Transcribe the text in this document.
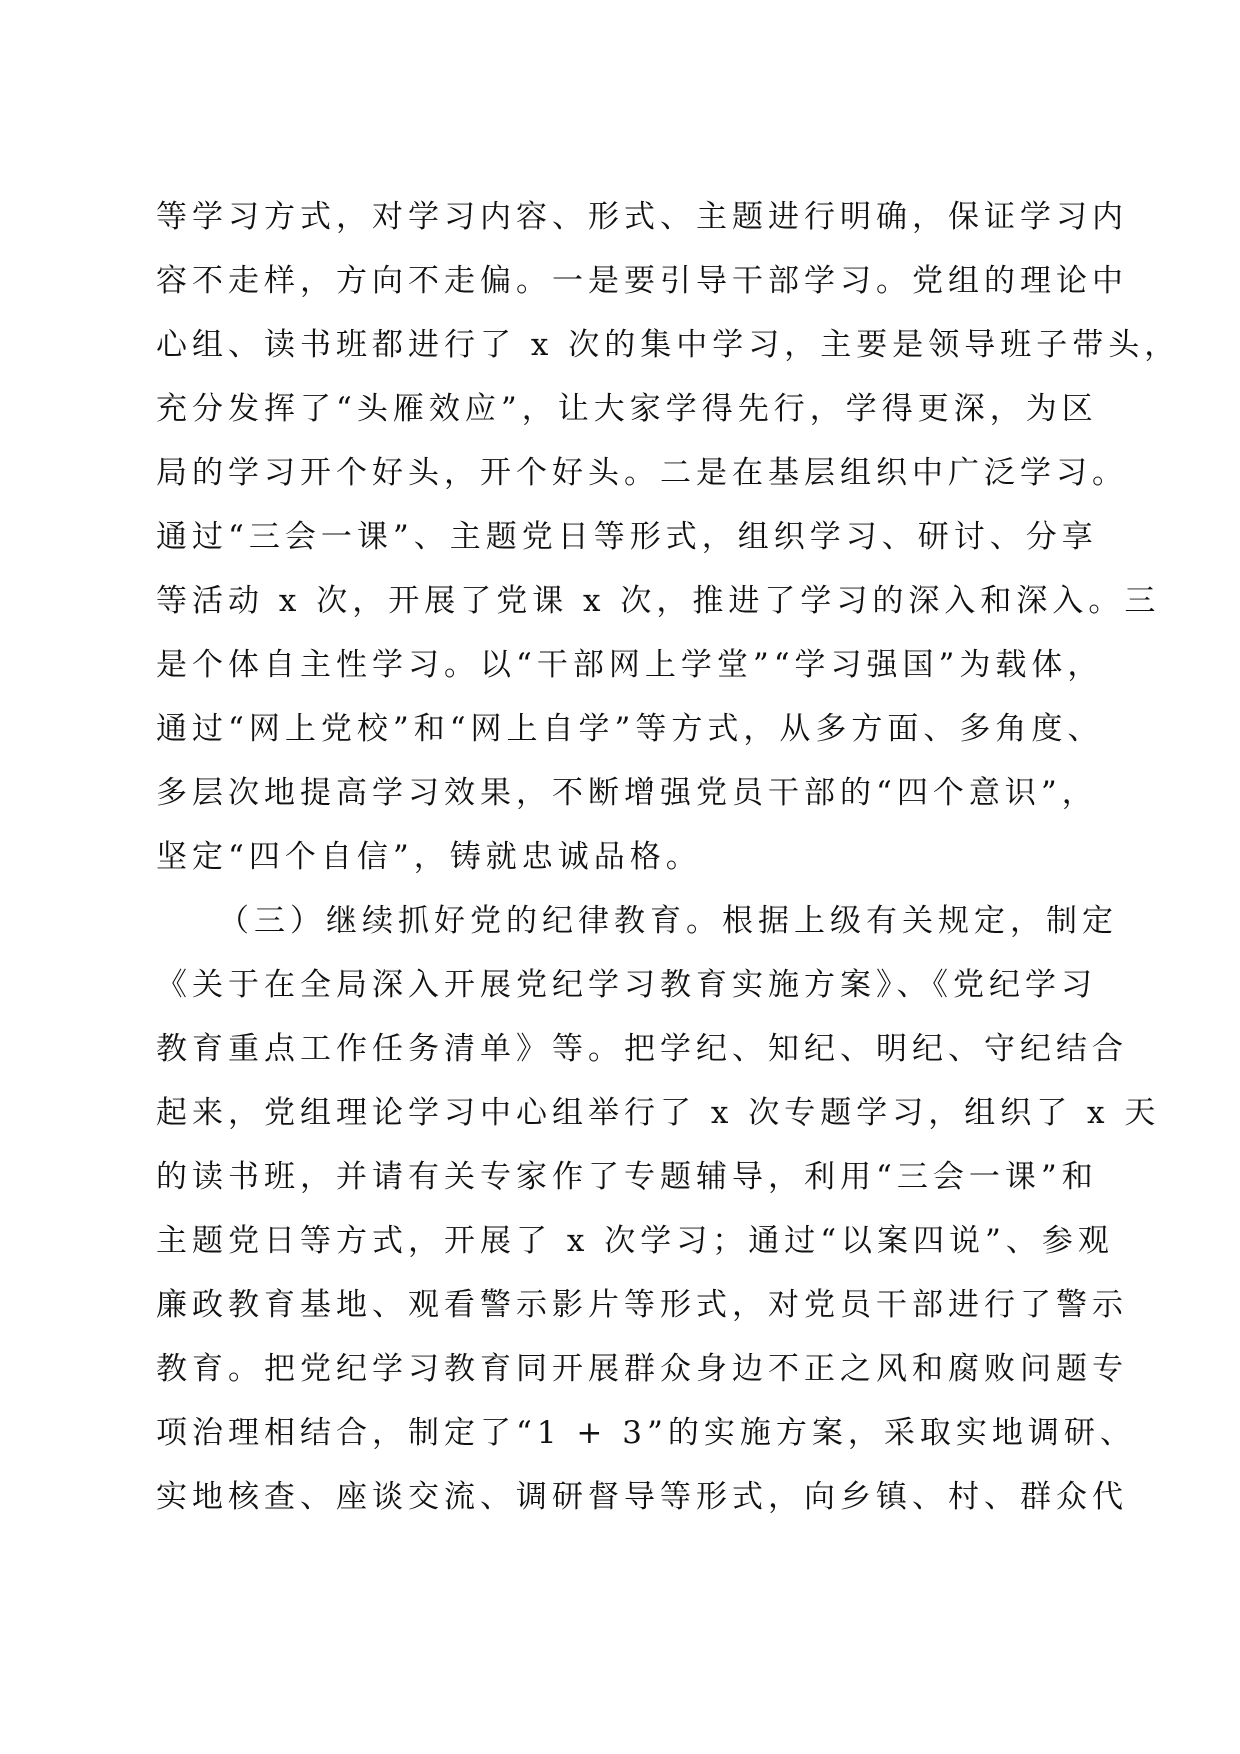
等学习方式，对学习内容、形式、主题进行明确，保证学习内
容不走样，方向不走偏。一是要引导干部学习。党组的理论中
心组、读书班都进行了 x 次的集中学习，主要是领导班子带头，
充分发挥了“头雁效应”，让大家学得先行，学得更深，为区
局的学习开个好头，开个好头。二是在基层组织中广泛学习。
通过“三会一课”、主题党日等形式，组织学习、研讨、分享
等活动 x 次，开展了党课 x 次，推进了学习的深入和深入。三
是个体自主性学习。以“干部网上学堂”“学习强国”为载体，
通过“网上党校”和“网上自学”等方式，从多方面、多角度、
多层次地提高学习效果，不断增强党员干部的“四个意识”，
坚定“四个自信”，铸就忠诚品格。
（三）继续抓好党的纪律教育。根据上级有关规定，制定
《关于在全局深入开展党纪学习教育实施方案》、《党纪学习
教育重点工作任务清单》等。把学纪、知纪、明纪、守纪结合
起来，党组理论学习中心组举行了 x 次专题学习，组织了 x 天
的读书班，并请有关专家作了专题辅导，利用“三会一课”和
主题党日等方式，开展了 x 次学习；通过“以案四说”、参观
廉政教育基地、观看警示影片等形式，对党员干部进行了警示
教育。把党纪学习教育同开展群众身边不正之风和腐败问题专
项治理相结合，制定了“1 + 3”的实施方案，采取实地调研、
实地核查、座谈交流、调研督导等形式，向乡镇、村、群众代
